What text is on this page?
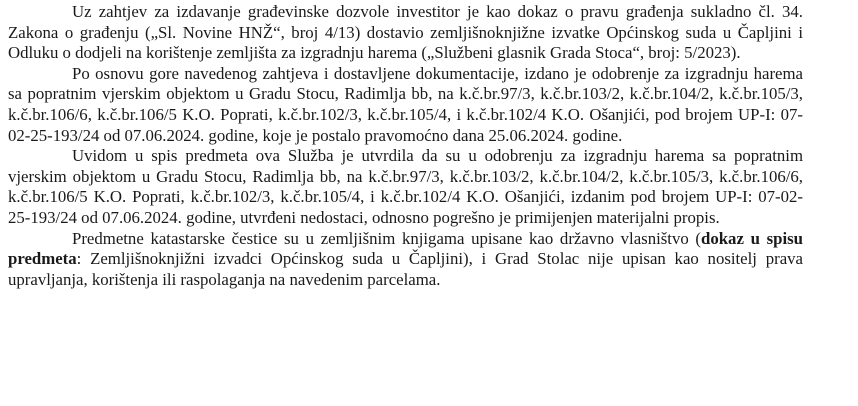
Uz zahtjev za izdavanje građevinske dozvole investitor je kao dokaz o pravu građenja sukladno čl. 34. Zakona o građenju („Sl. Novine HNŽ“, broj 4/13) dostavio zemljišnoknjižne izvatke Općinskog suda u Čapljini i Odluku o dodjeli na korištenje zemljišta za izgradnju harema („Službeni glasnik Grada Stoca“, broj: 5/2023).

Po osnovu gore navedenog zahtjeva i dostavljene dokumentacije, izdano je odobrenje za izgradnju harema sa popratnim vjerskim objektom u Gradu Stocu, Radimlja bb, na k.č.br.97/3, k.č.br.103/2, k.č.br.104/2, k.č.br.105/3, k.č.br.106/6, k.č.br.106/5 K.O. Poprati, k.č.br.102/3, k.č.br.105/4, i k.č.br.102/4 K.O. Ošanjići, pod brojem UP-I: 07-02-25-193/24 od 07.06.2024. godine, koje je postalo pravomoćno dana 25.06.2024. godine.

Uvidom u spis predmeta ova Služba je utvrdila da su u odobrenju za izgradnju harema sa popratnim vjerskim objektom u Gradu Stocu, Radimlja bb, na k.č.br.97/3, k.č.br.103/2, k.č.br.104/2, k.č.br.105/3, k.č.br.106/6, k.č.br.106/5 K.O. Poprati, k.č.br.102/3, k.č.br.105/4, i k.č.br.102/4 K.O. Ošanjići, izdanim pod brojem UP-I: 07-02-25-193/24 od 07.06.2024. godine, utvrđeni nedostaci, odnosno pogrešno je primijenjen materijalni propis.

Predmetne katastarske čestice su u zemljišnim knjigama upisane kao državno vlasništvo (dokaz u spisu predmeta: Zemljišnoknjižni izvadci Općinskog suda u Čapljini), i Grad Stolac nije upisan kao nositelj prava upravljanja, korištenja ili raspolaganja na navedenim parcelama.
